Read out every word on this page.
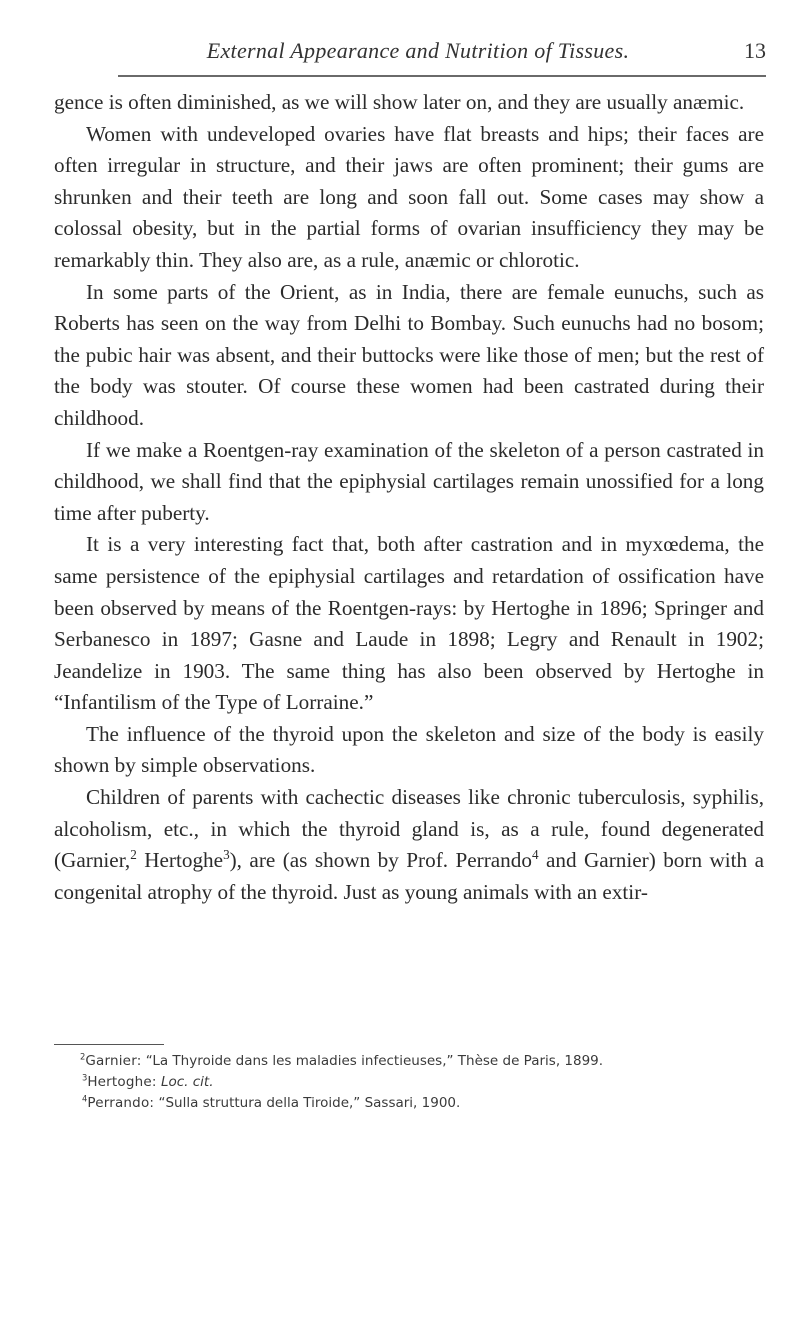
External Appearance and Nutrition of Tissues.	13

gence is often diminished, as we will show later on, and they are usually anæmic.

Women with undeveloped ovaries have flat breasts and hips; their faces are often irregular in structure, and their jaws are often prominent; their gums are shrunken and their teeth are long and soon fall out. Some cases may show a colossal obesity, but in the partial forms of ovarian insufficiency they may be remarkably thin. They also are, as a rule, anæmic or chlorotic.

In some parts of the Orient, as in India, there are female eunuchs, such as Roberts has seen on the way from Delhi to Bombay. Such eunuchs had no bosom; the pubic hair was absent, and their buttocks were like those of men; but the rest of the body was stouter. Of course these women had been castrated during their childhood.

If we make a Roentgen-ray examination of the skeleton of a person castrated in childhood, we shall find that the epiphysial cartilages remain unossified for a long time after puberty.

It is a very interesting fact that, both after castration and in myxœdema, the same persistence of the epiphysial cartilages and retardation of ossification have been observed by means of the Roentgen-rays: by Hertoghe in 1896; Springer and Serbanesco in 1897; Gasne and Laude in 1898; Legry and Renault in 1902; Jeandelize in 1903. The same thing has also been observed by Hertoghe in “Infantilism of the Type of Lorraine.”

The influence of the thyroid upon the skeleton and size of the body is easily shown by simple observations.

Children of parents with cachectic diseases like chronic tuberculosis, syphilis, alcoholism, etc., in which the thyroid gland is, as a rule, found degenerated (Garnier,$^2$ Hertoghe$^3$), are (as shown by Prof. Perrando$^4$ and Garnier) born with a congenital atrophy of the thyroid. Just as young animals with an extir-

$^2$Garnier: “La Thyroide dans les maladies infectieuses,” Thèse de Paris, 1899.

$^3$Hertoghe: Loc. cit.

$^4$Perrando: “Sulla struttura della Tiroide,” Sassari, 1900.
